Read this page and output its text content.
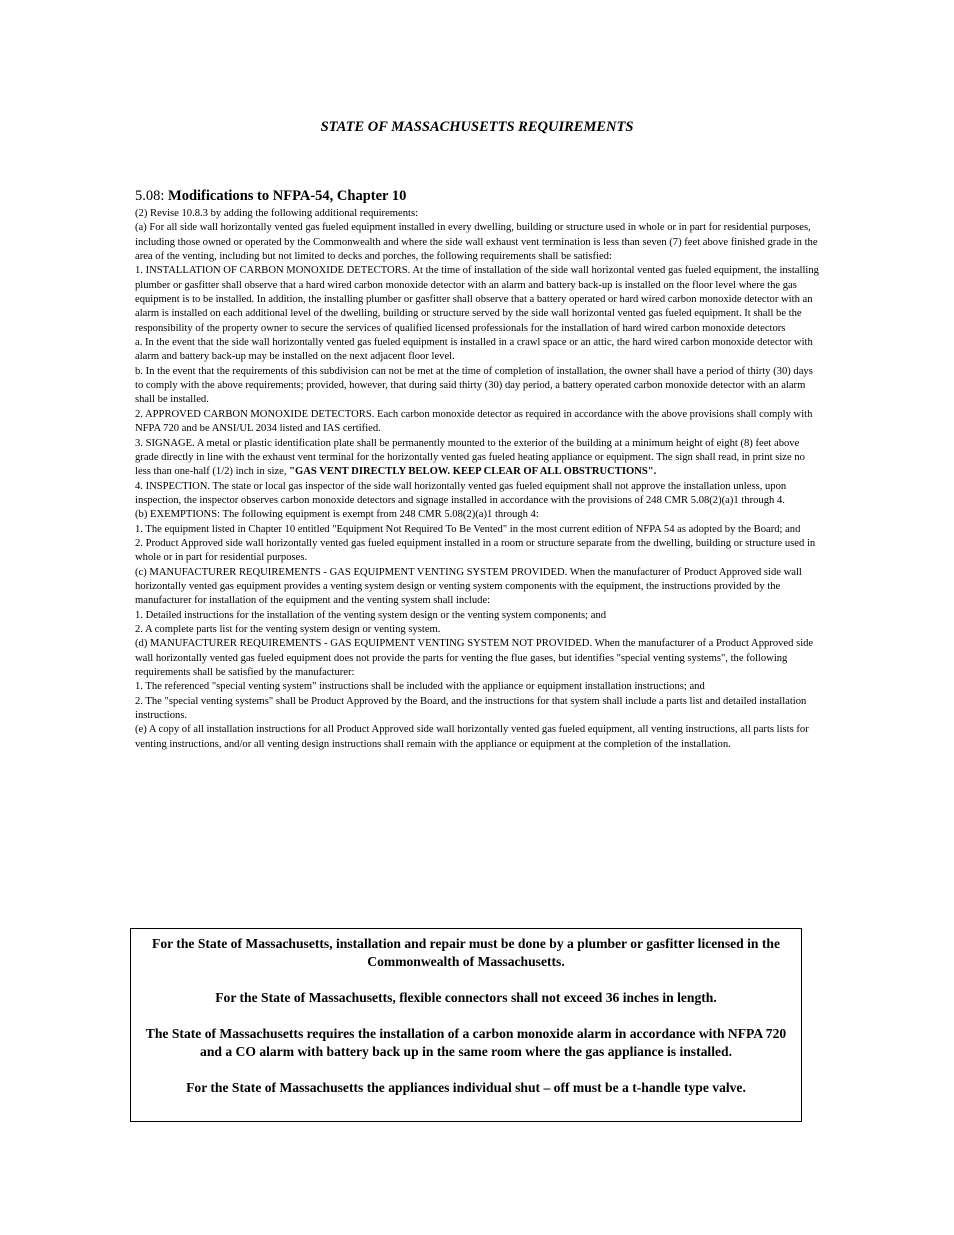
STATE OF MASSACHUSETTS REQUIREMENTS

5.08: Modifications to NFPA-54, Chapter 10

(2) Revise 10.8.3 by adding the following additional requirements:

(a) For all side wall horizontally vented gas fueled equipment installed in every dwelling, building or structure used in whole or in part for residential purposes, including those owned or operated by the Commonwealth and where the side wall exhaust vent termination is less than seven (7) feet above finished grade in the area of the venting, including but not limited to decks and porches, the following requirements shall be satisfied:

1. INSTALLATION OF CARBON MONOXIDE DETECTORS. At the time of installation of the side wall horizontal vented gas fueled equipment, the installing plumber or gasfitter shall observe that a hard wired carbon monoxide detector with an alarm and battery back-up is installed on the floor level where the gas equipment is to be installed. In addition, the installing plumber or gasfitter shall observe that a battery operated or hard wired carbon monoxide detector with an alarm is installed on each additional level of the dwelling, building or structure served by the side wall horizontal vented gas fueled equipment. It shall be the responsibility of the property owner to secure the services of qualified licensed professionals for the installation of hard wired carbon monoxide detectors

a. In the event that the side wall horizontally vented gas fueled equipment is installed in a crawl space or an attic, the hard wired carbon monoxide detector with alarm and battery back-up may be installed on the next adjacent floor level.

b. In the event that the requirements of this subdivision can not be met at the time of completion of installation, the owner shall have a period of thirty (30) days to comply with the above requirements; provided, however, that during said thirty (30) day period, a battery operated carbon monoxide detector with an alarm shall be installed.

2. APPROVED CARBON MONOXIDE DETECTORS. Each carbon monoxide detector as required in accordance with the above provisions shall comply with NFPA 720 and be ANSI/UL 2034 listed and IAS certified.

3. SIGNAGE. A metal or plastic identification plate shall be permanently mounted to the exterior of the building at a minimum height of eight (8) feet above grade directly in line with the exhaust vent terminal for the horizontally vented gas fueled heating appliance or equipment. The sign shall read, in print size no less than one-half (1/2) inch in size, "GAS VENT DIRECTLY BELOW. KEEP CLEAR OF ALL OBSTRUCTIONS".

4. INSPECTION. The state or local gas inspector of the side wall horizontally vented gas fueled equipment shall not approve the installation unless, upon inspection, the inspector observes carbon monoxide detectors and signage installed in accordance with the provisions of 248 CMR 5.08(2)(a)1 through 4.

(b) EXEMPTIONS: The following equipment is exempt from 248 CMR 5.08(2)(a)1 through 4:

1. The equipment listed in Chapter 10 entitled "Equipment Not Required To Be Vented" in the most current edition of NFPA 54 as adopted by the Board; and

2. Product Approved side wall horizontally vented gas fueled equipment installed in a room or structure separate from the dwelling, building or structure used in whole or in part for residential purposes.

(c) MANUFACTURER REQUIREMENTS - GAS EQUIPMENT VENTING SYSTEM PROVIDED. When the manufacturer of Product Approved side wall horizontally vented gas equipment provides a venting system design or venting system components with the equipment, the instructions provided by the manufacturer for installation of the equipment and the venting system shall include:

1. Detailed instructions for the installation of the venting system design or the venting system components; and

2. A complete parts list for the venting system design or venting system.

(d) MANUFACTURER REQUIREMENTS - GAS EQUIPMENT VENTING SYSTEM NOT PROVIDED. When the manufacturer of a Product Approved side wall horizontally vented gas fueled equipment does not provide the parts for venting the flue gases, but identifies "special venting systems", the following requirements shall be satisfied by the manufacturer:

1. The referenced "special venting system" instructions shall be included with the appliance or equipment installation instructions; and

2. The "special venting systems" shall be Product Approved by the Board, and the instructions for that system shall include a parts list and detailed installation instructions.

(e) A copy of all installation instructions for all Product Approved side wall horizontally vented gas fueled equipment, all venting instructions, all parts lists for venting instructions, and/or all venting design instructions shall remain with the appliance or equipment at the completion of the installation.

For the State of Massachusetts, installation and repair must be done by a plumber or gasfitter licensed in the Commonwealth of Massachusetts.

For the State of Massachusetts, flexible connectors shall not exceed 36 inches in length.

The State of Massachusetts requires the installation of a carbon monoxide alarm in accordance with NFPA 720 and a CO alarm with battery back up in the same room where the gas appliance is installed.

For the State of Massachusetts the appliances individual shut – off must be a t-handle type valve.
